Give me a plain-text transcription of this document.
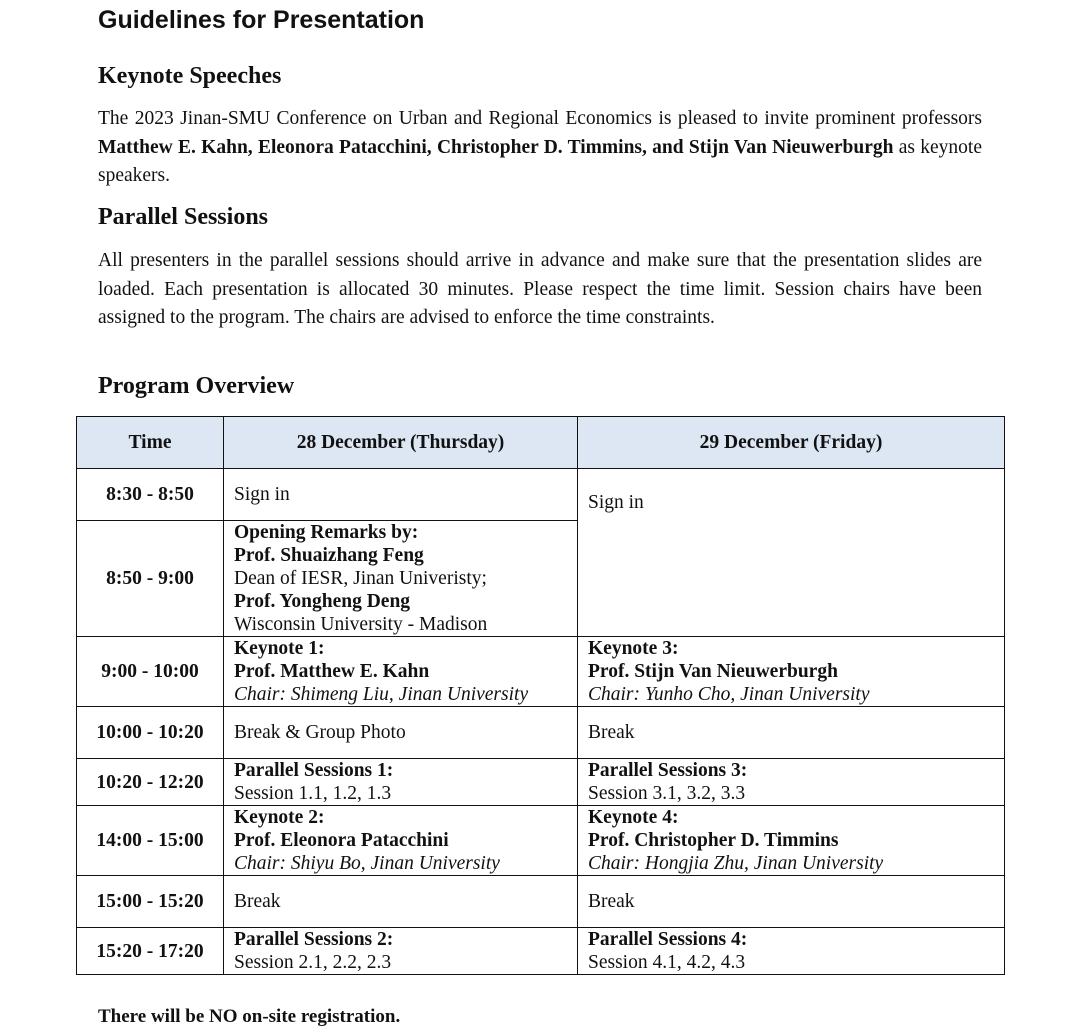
Guidelines for Presentation
Keynote Speeches
The 2023 Jinan-SMU Conference on Urban and Regional Economics is pleased to invite prominent professors Matthew E. Kahn, Eleonora Patacchini, Christopher D. Timmins, and Stijn Van Nieuwerburgh as keynote speakers.
Parallel Sessions
All presenters in the parallel sessions should arrive in advance and make sure that the presentation slides are loaded. Each presentation is allocated 30 minutes. Please respect the time limit. Session chairs have been assigned to the program. The chairs are advised to enforce the time constraints.
Program Overview
Time	28 December (Thursday)	29 December (Friday)
8:30 - 8:50	Sign in	Sign in

8:50 - 9:00	Opening Remarks by:
Prof. Shuaizhang Feng
Dean of IESR, Jinan Univeristy;
Prof. Yongheng Deng
Wisconsin University - Madison	

9:00 - 10:00	Keynote 1:
Prof. Matthew E. Kahn
Chair: Shimeng Liu, Jinan University	Keynote 3:
Prof. Stijn Van Nieuwerburgh
Chair: Yunho Cho, Jinan University

10:00 - 10:20	Break & Group Photo	Break

10:20 - 12:20	Parallel Sessions 1:
Session 1.1, 1.2, 1.3	Parallel Sessions 3:
Session 3.1, 3.2, 3.3

14:00 - 15:00	Keynote 2:
Prof. Eleonora Patacchini
Chair: Shiyu Bo, Jinan University	Keynote 4:
Prof. Christopher D. Timmins
Chair: Hongjia Zhu, Jinan University

15:00 - 15:20	Break	Break

15:20 - 17:20	Parallel Sessions 2:
Session 2.1, 2.2, 2.3	Parallel Sessions 4:
Session 4.1, 4.2, 4.3
There will be NO on-site registration.
